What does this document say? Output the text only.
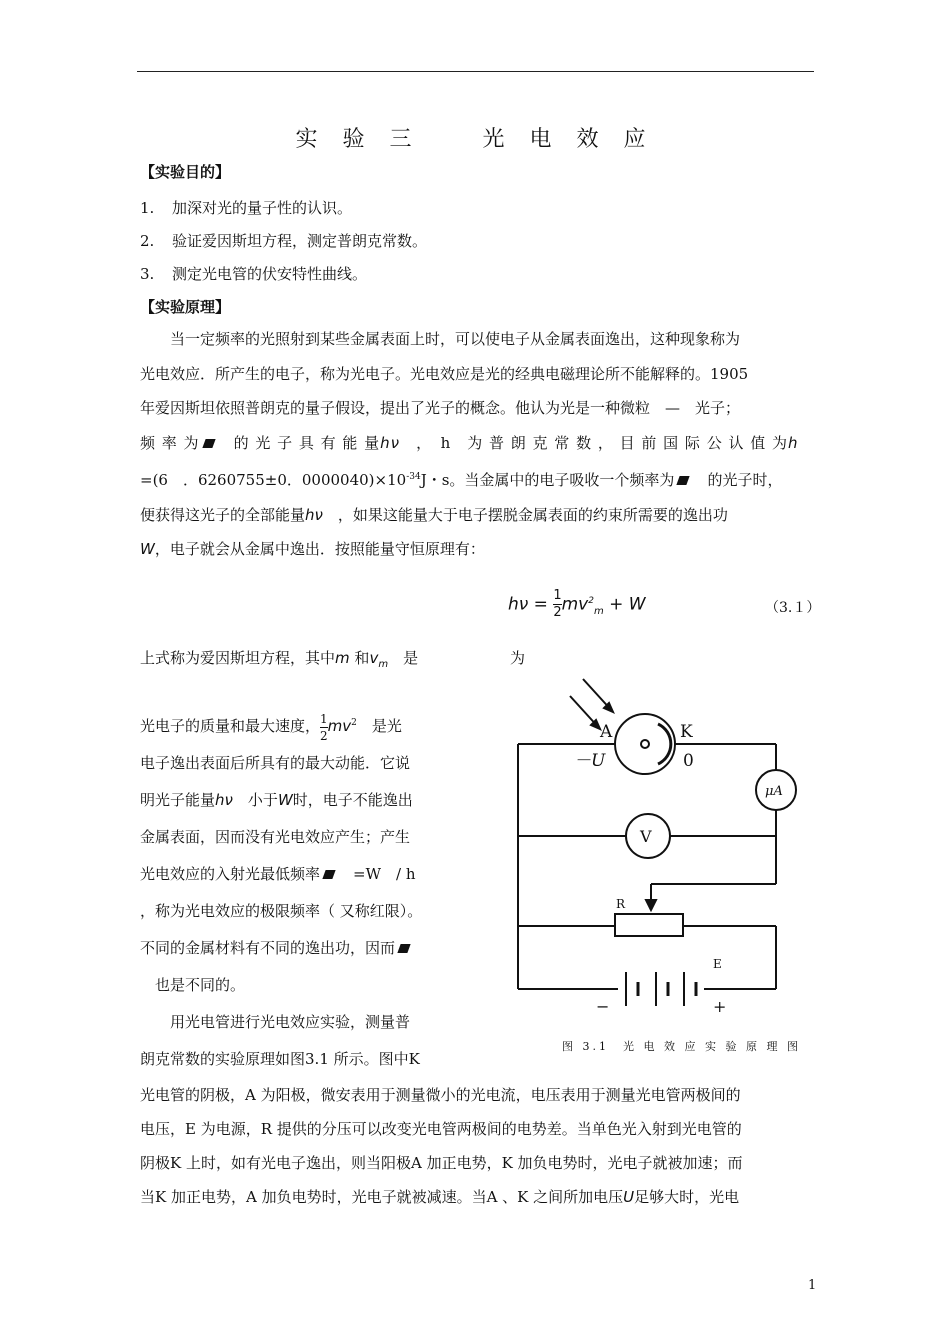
实 验 三　　光 电 效 应
【实验目的】
1. 加深对光的量子性的认识。
2. 验证爱因斯坦方程，测定普朗克常数。
3. 测定光电管的伏安特性曲线。
【实验原理】

当一定频率的光照射到某些金属表面上时，可以使电子从金属表面逸出，这种现象称为

光电效应．所产生的电子，称为光电子。光电效应是光的经典电磁理论所不能解释的。1905

年爱因斯坦依照普朗克的量子假设，提出了光子的概念。他认为光是一种微粒　—　光子；

频 率 为　 的 光 子 具 有 能 量hν　 ，　h　为 普 朗 克 常 数 ， 目 前 国 际 公 认 值 为h

=(6　．6260755±0．$0000040)\times 10^{-34}J$・s。当金属中的电子吸收一个频率为　 的光子时，

便获得这光子的全部能量hν　 ，如果这能量大于电子摆脱金属表面的约束所需要的逸出功

W，电子就会从金属中逸出．按照能量守恒原理有：

$h\nu = \frac{1}{2} mv^2_m + W$	（3.１）

上式称为爱因斯坦方程，其中m 和$v_m$　 是

光电子的质量和最大速度， $\frac{1}{2} mv^2$　 是光

电子逸出表面后所具有的最大动能．它说

明光子能量hν　 小于W时，电子不能逸出

金属表面，因而没有光电效应产生；产生

光电效应的入射光最低频率　 =W　/ h

，称为光电效应的极限频率（ 又称红限）。

不同的金属材料有不同的逸出功，因而

　也是不同的。

用光电管进行光电效应实验，测量普

朗克常数的实验原理如图3.1 所示。图中K

为
A	K
－U	0
μA
V
R
E
−	+
图 3.1　光 电 效 应 实 验 原 理 图

光电管的阴极，A 为阳极，微安表用于测量微小的光电流，电压表用于测量光电管两极间的

电压，E 为电源，R 提供的分压可以改变光电管两极间的电势差。当单色光入射到光电管的

阴极K 上时，如有光电子逸出，则当阳极A 加正电势，K 加负电势时，光电子就被加速；而

当K 加正电势，A 加负电势时，光电子就被减速。当A 、K 之间所加电压U足够大时，光电

1
